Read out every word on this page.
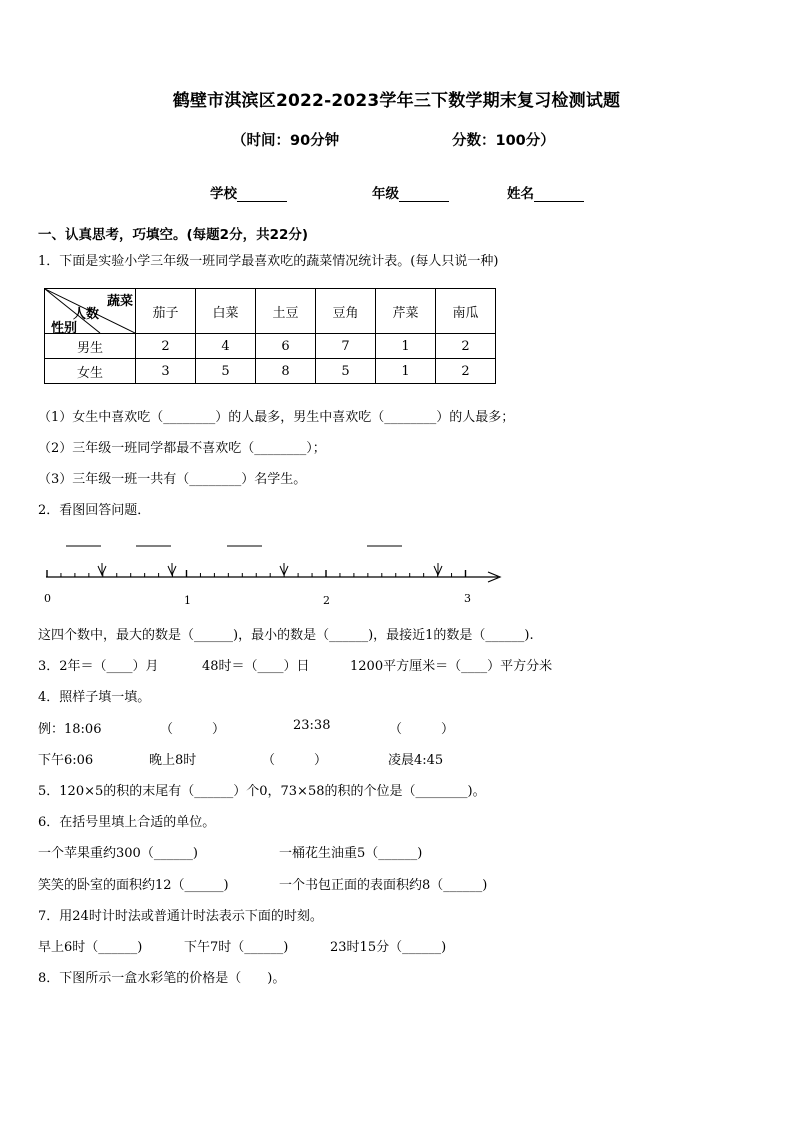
鹤壁市淇滨区2022-2023学年三下数学期末复习检测试题
（时间：90分钟	分数：100分）
学校	年级	姓名
一、认真思考，巧填空。(每题2分，共22分)
1．下面是实验小学三年级一班同学最喜欢吃的蔬菜情况统计表。(每人只说一种)
蔬菜
人数
性别	茄子	白菜	土豆	豆角	芹菜	南瓜
男生	2	4	6	7	1	2
女生	3	5	8	5	1	2
（1）女生中喜欢吃（________）的人最多，男生中喜欢吃（________）的人最多；
（2）三年级一班同学都最不喜欢吃（________）；
（3）三年级一班一共有（________）名学生。
2．看图回答问题．
0	1	2	3
这四个数中，最大的数是（______)，最小的数是（______)，最接近1的数是（______).
3．2年＝（____）月	48时＝（____）日	1200平方厘米＝（____）平方分米
4．照样子填一填。
例：18:06	（　　　）	23:38	（　　　）
下午6:06	晚上8时	（　　　）	凌晨4:45
5．120×5的积的末尾有（______）个0，73×58的积的个位是（________)。
6．在括号里填上合适的单位。
一个苹果重约300（______)	一桶花生油重5（______)
笑笑的卧室的面积约12（______)	一个书包正面的表面积约8（______)
7．用24时计时法或普通计时法表示下面的时刻。
早上6时（______)	下午7时（______)	23时15分（______)
8．下图所示一盒水彩笔的价格是（　　)。
